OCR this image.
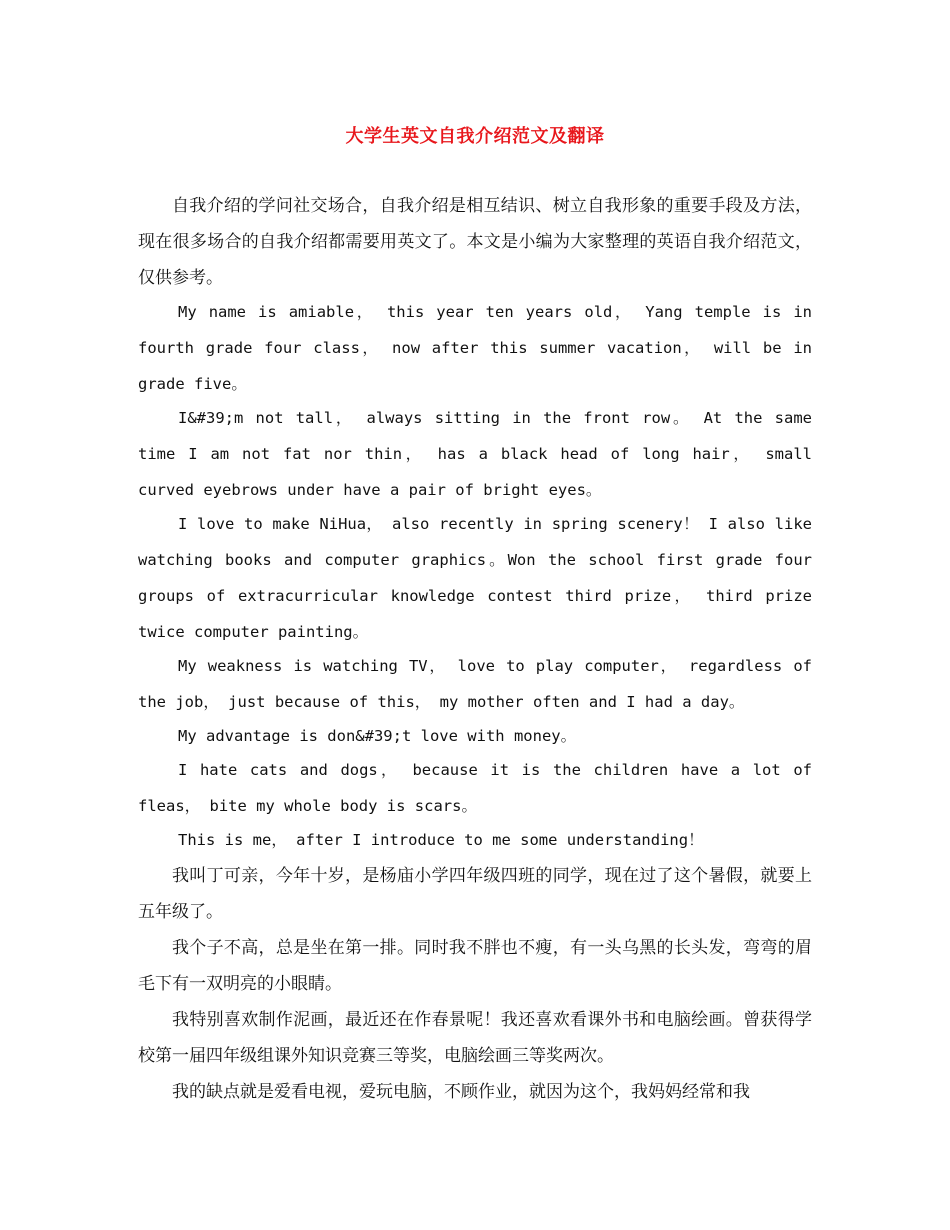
大学生英文自我介绍范文及翻译

自我介绍的学问社交场合，自我介绍是相互结识、树立自我形象的重要手段及方法，现在很多场合的自我介绍都需要用英文了。本文是小编为大家整理的英语自我介绍范文，仅供参考。

My name is amiable， this year ten years old， Yang temple is in fourth grade four class， now after this summer vacation， will be in grade five。

I&#39;m not tall， always sitting in the front row。 At the same time I am not fat nor thin， has a black head of long hair， small curved eyebrows under have a pair of bright eyes。

I love to make NiHua， also recently in spring scenery！ I also like watching books and computer graphics。Won the school first grade four groups of extracurricular knowledge contest third prize， third prize twice computer painting。

My weakness is watching TV， love to play computer， regardless of the job， just because of this， my mother often and I had a day。

My advantage is don&#39;t love with money。

I hate cats and dogs， because it is the children have a lot of fleas， bite my whole body is scars。

This is me， after I introduce to me some understanding！

我叫丁可亲，今年十岁，是杨庙小学四年级四班的同学，现在过了这个暑假，就要上五年级了。

我个子不高，总是坐在第一排。同时我不胖也不瘦，有一头乌黑的长头发，弯弯的眉毛下有一双明亮的小眼睛。

我特别喜欢制作泥画，最近还在作春景呢！我还喜欢看课外书和电脑绘画。曾获得学校第一届四年级组课外知识竞赛三等奖，电脑绘画三等奖两次。

我的缺点就是爱看电视，爱玩电脑，不顾作业，就因为这个，我妈妈经常和我
